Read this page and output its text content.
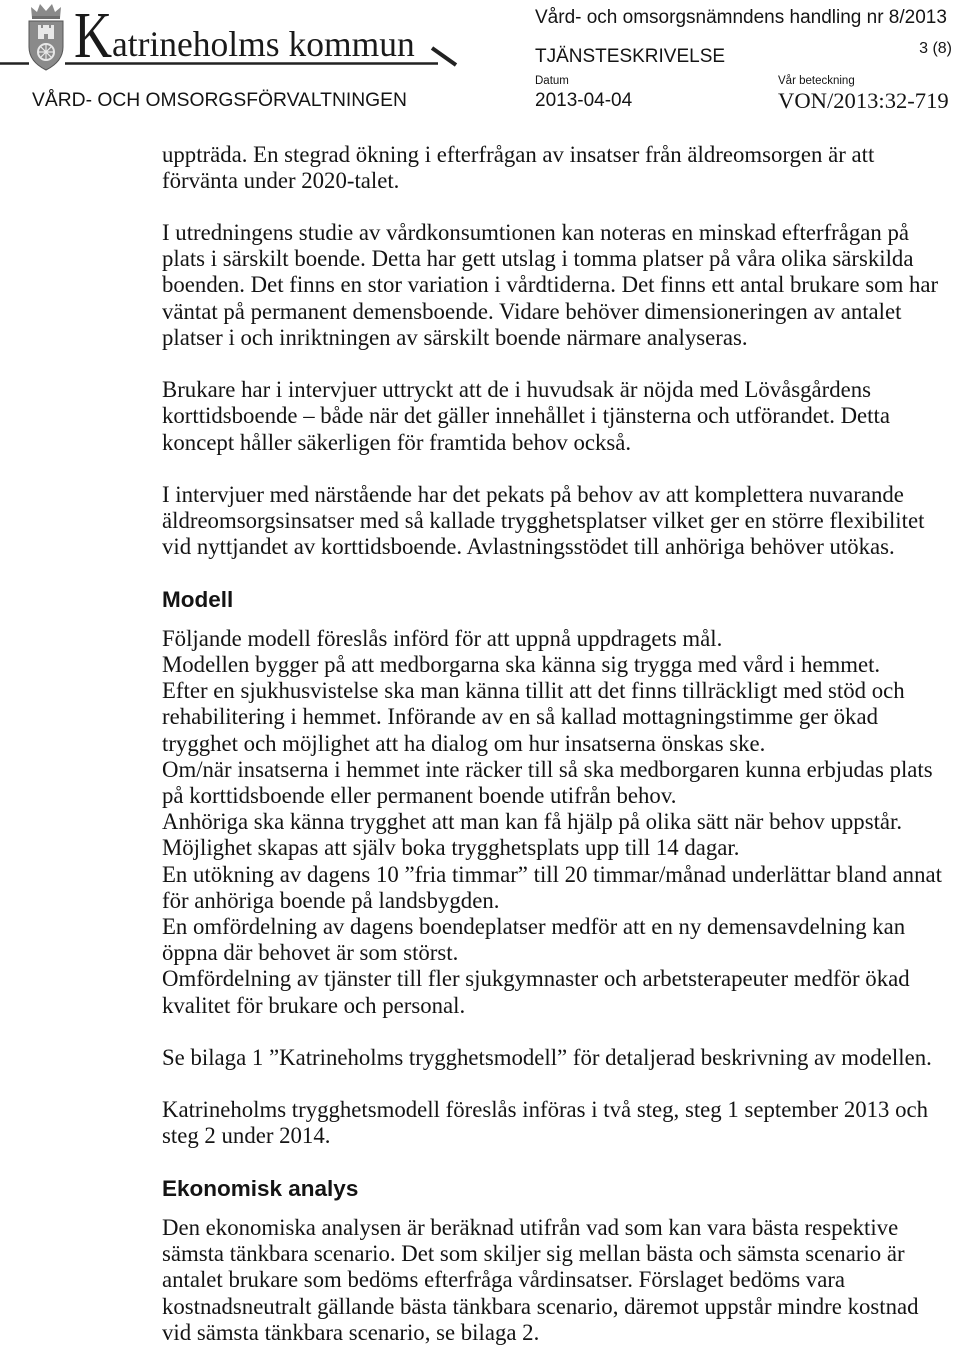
K atrineholms kommun
VÅRD- OCH OMSORGSFÖRVALTNINGEN
Vård- och omsorgsnämndens handling nr 8/2013
TJÄNSTESKRIVELSE	3 (8)
Datum	Vår beteckning
2013-04-04	VON/2013:32-719
uppträda. En stegrad ökning i efterfrågan av insatser från äldreomsorgen är att
förvänta under 2020-talet.
I utredningens studie av vårdkonsumtionen kan noteras en minskad efterfrågan på
plats i särskilt boende. Detta har gett utslag i tomma platser på våra olika särskilda
boenden. Det finns en stor variation i vårdtiderna. Det finns ett antal brukare som har
väntat på permanent demensboende. Vidare behöver dimensioneringen av antalet
platser i och inriktningen av särskilt boende närmare analyseras.
Brukare har i intervjuer uttryckt att de i huvudsak är nöjda med Lövåsgårdens
korttidsboende – både när det gäller innehållet i tjänsterna och utförandet. Detta
koncept håller säkerligen för framtida behov också.
I intervjuer med närstående har det pekats på behov av att komplettera nuvarande
äldreomsorgsinsatser med så kallade trygghetsplatser vilket ger en större flexibilitet
vid nyttjandet av korttidsboende. Avlastningsstödet till anhöriga behöver utökas.
Modell
Följande modell föreslås införd för att uppnå uppdragets mål.
Modellen bygger på att medborgarna ska känna sig trygga med vård i hemmet.
Efter en sjukhusvistelse ska man känna tillit att det finns tillräckligt med stöd och
rehabilitering i hemmet. Införande av en så kallad mottagningstimme ger ökad
trygghet och möjlighet att ha dialog om hur insatserna önskas ske.
Om/när insatserna i hemmet inte räcker till så ska medborgaren kunna erbjudas plats
på korttidsboende eller permanent boende utifrån behov.
Anhöriga ska känna trygghet att man kan få hjälp på olika sätt när behov uppstår.
Möjlighet skapas att själv boka trygghetsplats upp till 14 dagar.
En utökning av dagens 10 ”fria timmar” till 20 timmar/månad underlättar bland annat
för anhöriga boende på landsbygden.
En omfördelning av dagens boendeplatser medför att en ny demensavdelning kan
öppna där behovet är som störst.
Omfördelning av tjänster till fler sjukgymnaster och arbetsterapeuter medför ökad
kvalitet för brukare och personal.
Se bilaga 1 ”Katrineholms trygghetsmodell” för detaljerad beskrivning av modellen.
Katrineholms trygghetsmodell föreslås införas i två steg, steg 1 september 2013 och
steg 2 under 2014.
Ekonomisk analys
Den ekonomiska analysen är beräknad utifrån vad som kan vara bästa respektive
sämsta tänkbara scenario. Det som skiljer sig mellan bästa och sämsta scenario är
antalet brukare som bedöms efterfråga vårdinsatser. Förslaget bedöms vara
kostnadsneutralt gällande bästa tänkbara scenario, däremot uppstår mindre kostnad
vid sämsta tänkbara scenario, se bilaga 2.
